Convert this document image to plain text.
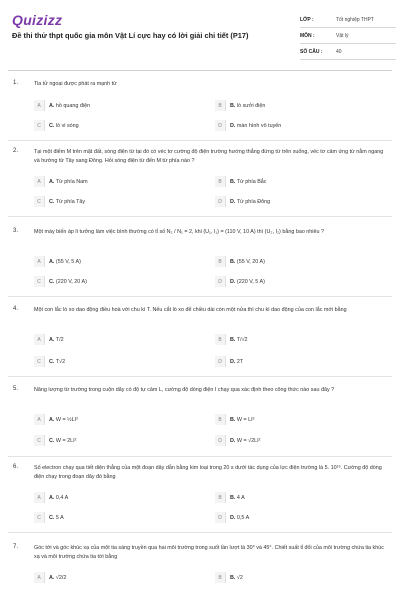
Quizizz
Đề thi thử thpt quốc gia môn Vật Lí cực hay có lời giải chi tiết (P17)
LỚP :	Tốt nghiệp THPT
MÔN :	Vật lý
SỐ CÂU :	40
1.	Tia tử ngoại được phát ra mạnh từ
A	A. hồ quang điện	B	B. lò sưởi điện
C	C. lò vi sóng	D	D. màn hình vô tuyến
2.	Tại một điểm M trên mặt đất, sóng điện từ tại đó có véc tơ cường độ điện trường hướng thẳng đứng từ trên xuống, véc tơ cảm ứng từ nằm ngang và hướng từ Tây sang Đông. Hỏi sóng điện từ đến M từ phía nào ?
A	A. Từ phía Nam	B	B. Từ phía Bắc
C	C. Từ phía Tây	D	D. Từ phía Đông
3.	Một máy biến áp lí tưởng làm việc bình thường có tỉ số N₂ / N₁ = 2, khi (U₁, I₁) = (110 V, 10 A) thì (U₂, I₂) bằng bao nhiêu ?
A	A. (55 V, 5 A)	B	B. (55 V, 20 A)
C	C. (220 V, 20 A)	D	D. (220 V, 5 A)
4.	Một con lắc lò xo dao động điều hoà với chu kì T. Nếu cắt lò xo để chiều dài còn một nửa thì chu kì dao động của con lắc mới bằng
A	A. T/2	B	B. T/√2
C	C. T√2	D	D. 2T
5.	Năng lượng từ trường trong cuộn dây có độ tự cảm L, cường độ dòng điện I chạy qua xác định theo công thức nào sau đây ?
A	A. W = ½LI²	B	B. W = LI²
C	C. W = 2LI²	D	D. W = √2LI²
6.	Số electron chạy qua tiết diện thẳng của một đoạn dây dẫn bằng kim loại trong 20 s dưới tác dụng của lực điện trường là 5. 10¹⁹. Cường độ dòng điện chạy trong đoạn dây đó bằng
A	A. 0,4 A	B	B. 4 A
C	C. 5 A	D	D. 0,5 A
7.	Góc tới và góc khúc xạ của một tia sáng truyền qua hai môi trường trong suốt lần lượt là 30° và 45°. Chiết suất tỉ đối của môi trường chứa tia khúc xạ và môi trường chứa tia tới bằng
A	A. √2/2	B	B. √2
